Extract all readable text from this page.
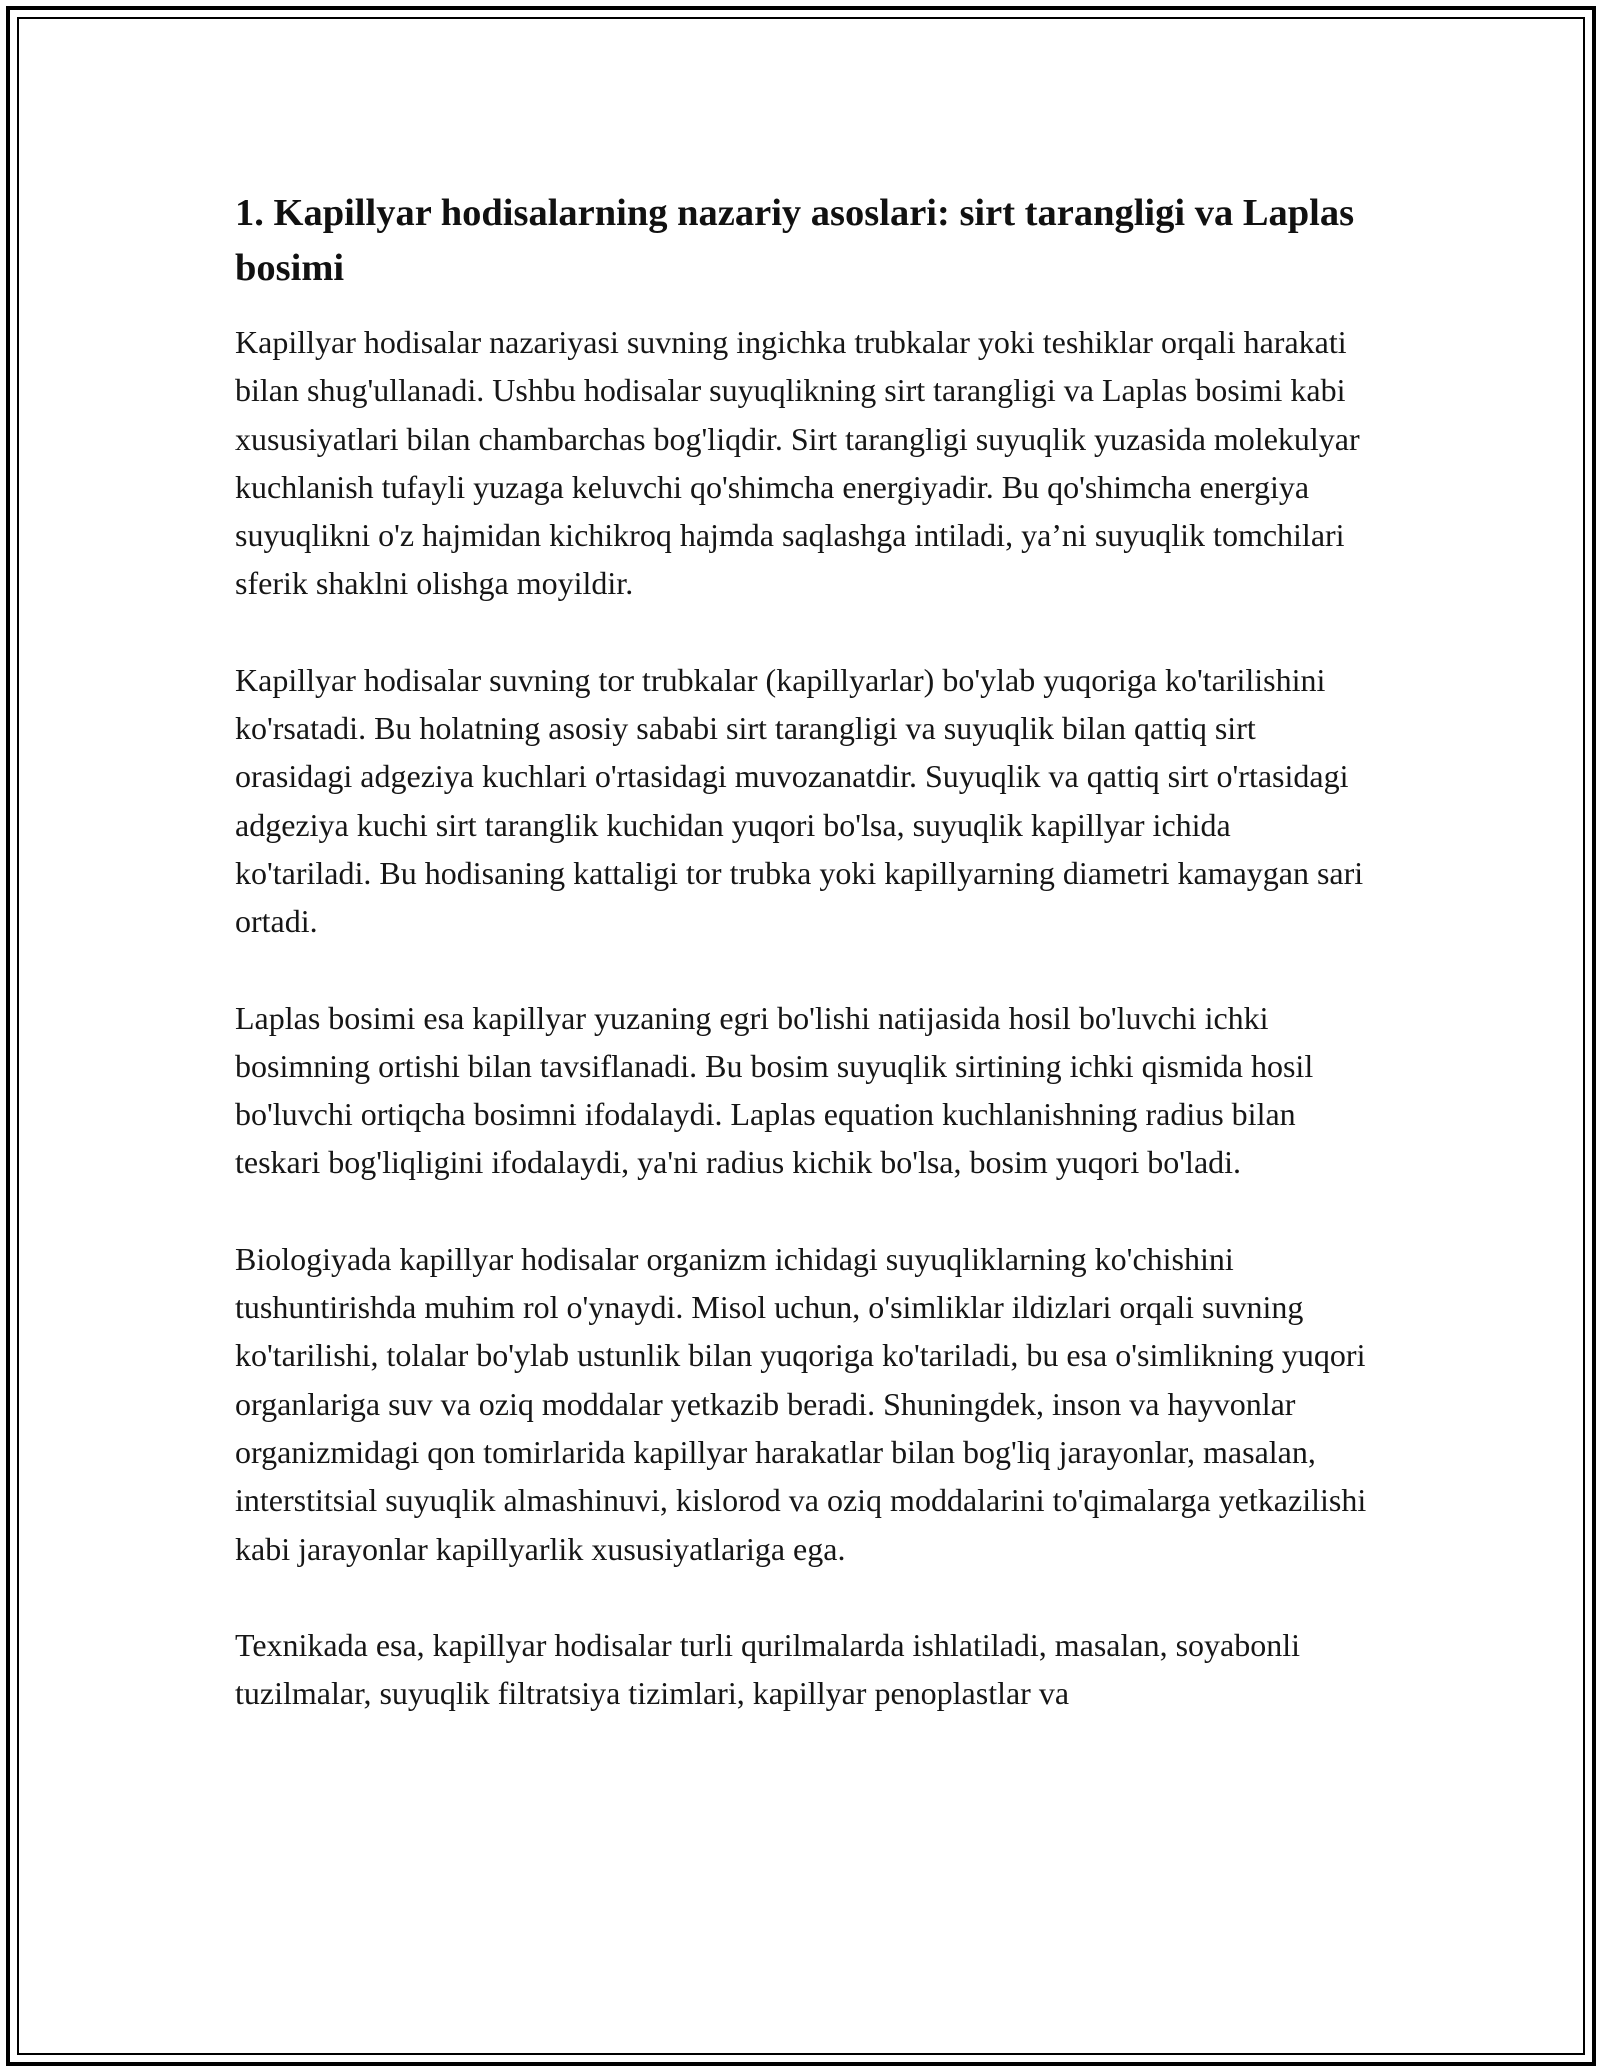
1. Kapillyar hodisalarning nazariy asoslari: sirt tarangligi va Laplas bosimi

Kapillyar hodisalar nazariyasi suvning ingichka trubkalar yoki teshiklar orqali harakati bilan shug'ullanadi. Ushbu hodisalar suyuqlikning sirt tarangligi va Laplas bosimi kabi xususiyatlari bilan chambarchas bog'liqdir. Sirt tarangligi suyuqlik yuzasida molekulyar kuchlanish tufayli yuzaga keluvchi qo'shimcha energiyadir. Bu qo'shimcha energiya suyuqlikni o'z hajmidan kichikroq hajmda saqlashga intiladi, ya’ni suyuqlik tomchilari sferik shaklni olishga moyildir.

Kapillyar hodisalar suvning tor trubkalar (kapillyarlar) bo'ylab yuqoriga ko'tarilishini ko'rsatadi. Bu holatning asosiy sababi sirt tarangligi va suyuqlik bilan qattiq sirt orasidagi adgeziya kuchlari o'rtasidagi muvozanatdir. Suyuqlik va qattiq sirt o'rtasidagi adgeziya kuchi sirt taranglik kuchidan yuqori bo'lsa, suyuqlik kapillyar ichida ko'tariladi. Bu hodisaning kattaligi tor trubka yoki kapillyarning diametri kamaygan sari ortadi.

Laplas bosimi esa kapillyar yuzaning egri bo'lishi natijasida hosil bo'luvchi ichki bosimning ortishi bilan tavsiflanadi. Bu bosim suyuqlik sirtining ichki qismida hosil bo'luvchi ortiqcha bosimni ifodalaydi. Laplas equation kuchlanishning radius bilan teskari bog'liqligini ifodalaydi, ya'ni radius kichik bo'lsa, bosim yuqori bo'ladi.

Biologiyada kapillyar hodisalar organizm ichidagi suyuqliklarning ko'chishini tushuntirishda muhim rol o'ynaydi. Misol uchun, o'simliklar ildizlari orqali suvning ko'tarilishi, tolalar bo'ylab ustunlik bilan yuqoriga ko'tariladi, bu esa o'simlikning yuqori organlariga suv va oziq moddalar yetkazib beradi. Shuningdek, inson va hayvonlar organizmidagi qon tomirlarida kapillyar harakatlar bilan bog'liq jarayonlar, masalan, interstitsial suyuqlik almashinuvi, kislorod va oziq moddalarini to'qimalarga yetkazilishi kabi jarayonlar kapillyarlik xususiyatlariga ega.

Texnikada esa, kapillyar hodisalar turli qurilmalarda ishlatiladi, masalan, soyabonli tuzilmalar, suyuqlik filtratsiya tizimlari, kapillyar penoplastlar va
